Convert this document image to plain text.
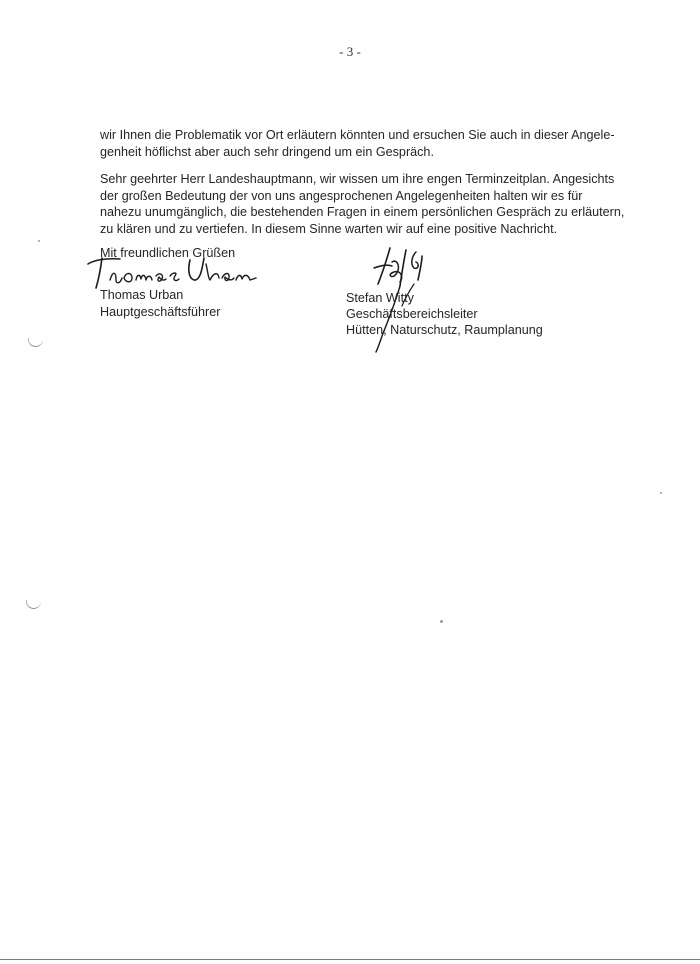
- 3 -
wir Ihnen die Problematik vor Ort erläutern könnten und ersuchen Sie auch in dieser Angele-
genheit höflichst aber auch sehr dringend um ein Gespräch.
Sehr geehrter Herr Landeshauptmann, wir wissen um ihre engen Terminzeitplan. Angesichts
der großen Bedeutung der von uns angesprochenen Angelegenheiten halten wir es für
nahezu unumgänglich, die bestehenden Fragen in einem persönlichen Gespräch zu erläutern,
zu klären und zu vertiefen. In diesem Sinne warten wir auf eine positive Nachricht.
Mit freundlichen Grüßen
Thomas Urban
Hauptgeschäftsführer
Stefan Witty
Geschäftsbereichsleiter
Hütten, Naturschutz, Raumplanung
